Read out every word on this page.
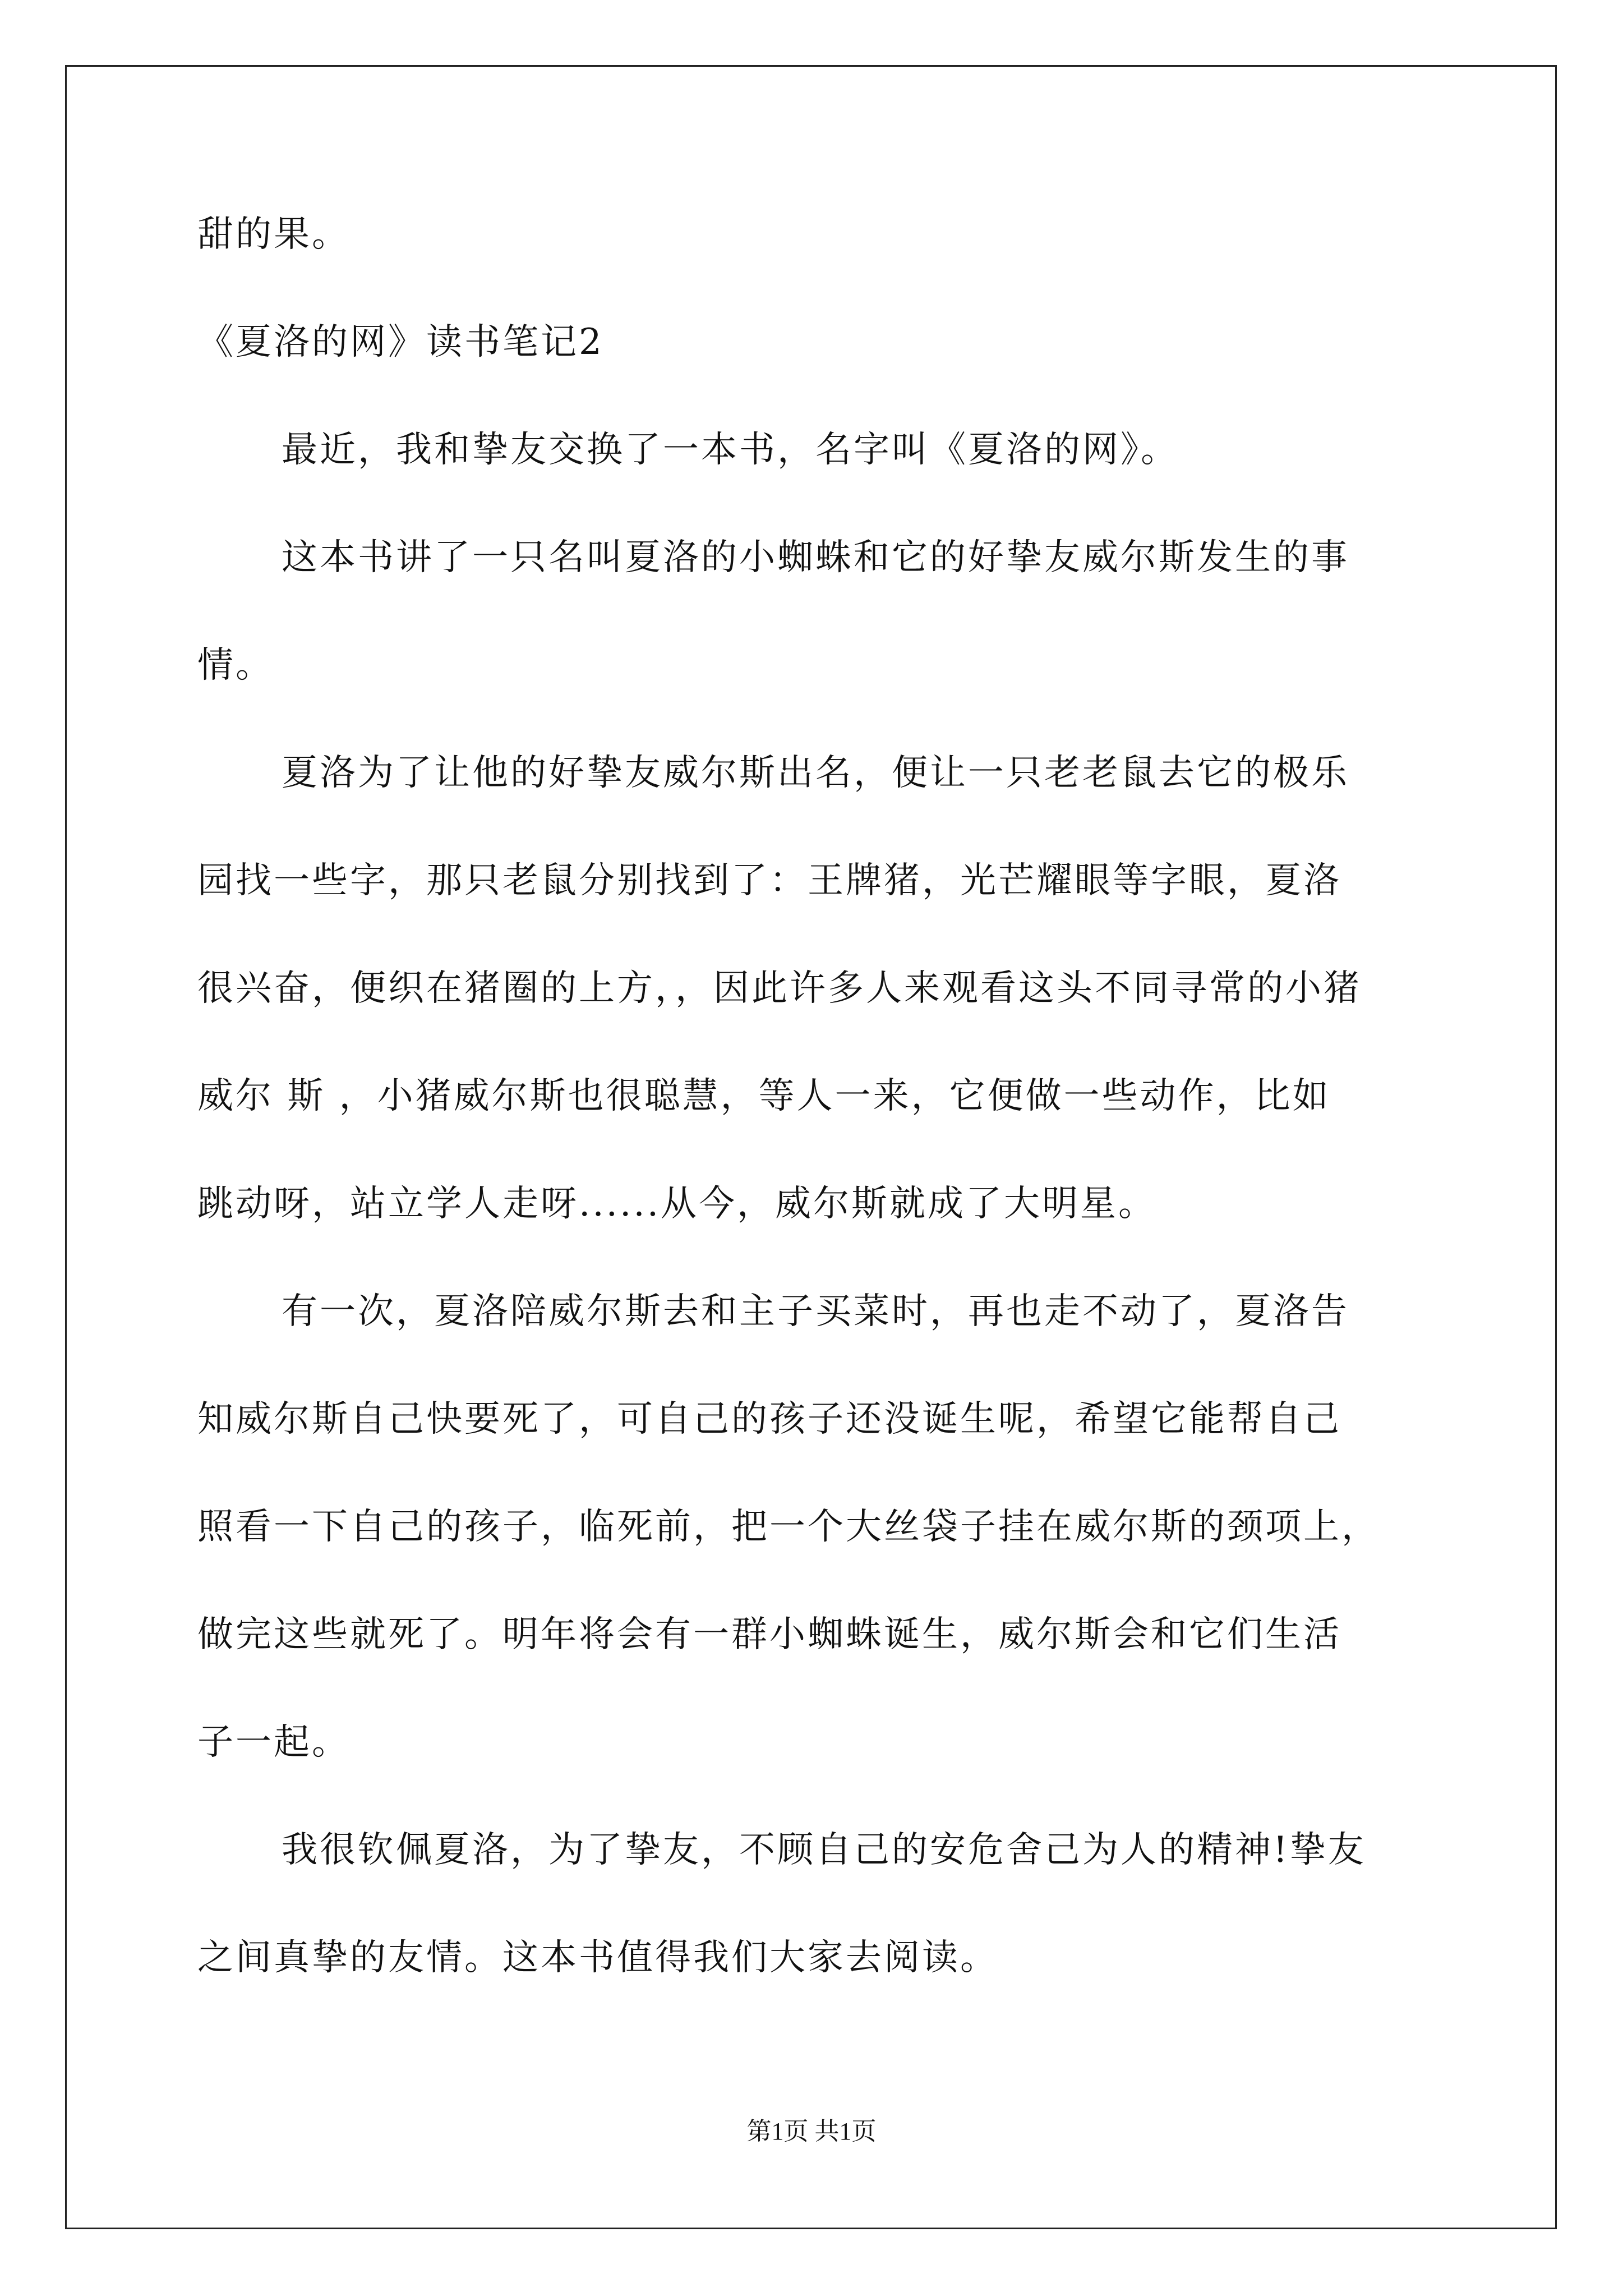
甜的果。
《夏洛的网》读书笔记2
最近，我和挚友交换了一本书，名字叫《夏洛的网》。
这本书讲了一只名叫夏洛的小蜘蛛和它的好挚友威尔斯发生的事
情。
夏洛为了让他的好挚友威尔斯出名，便让一只老老鼠去它的极乐
园找一些字，那只老鼠分别找到了：王牌猪，光芒耀眼等字眼，夏洛
很兴奋，便织在猪圈的上方，，因此许多人来观看这头不同寻常的小猪
威尔 斯 ，小猪威尔斯也很聪慧，等人一来，它便做一些动作，比如
跳动呀，站立学人走呀......从今，威尔斯就成了大明星。
有一次，夏洛陪威尔斯去和主子买菜时，再也走不动了，夏洛告
知威尔斯自己快要死了，可自己的孩子还没诞生呢，希望它能帮自己
照看一下自己的孩子，临死前，把一个大丝袋子挂在威尔斯的颈项上，
做完这些就死了。明年将会有一群小蜘蛛诞生，威尔斯会和它们生活
子一起。
我很钦佩夏洛，为了挚友，不顾自己的安危舍己为人的精神!挚友
之间真挚的友情。这本书值得我们大家去阅读。
第1页 共1页
